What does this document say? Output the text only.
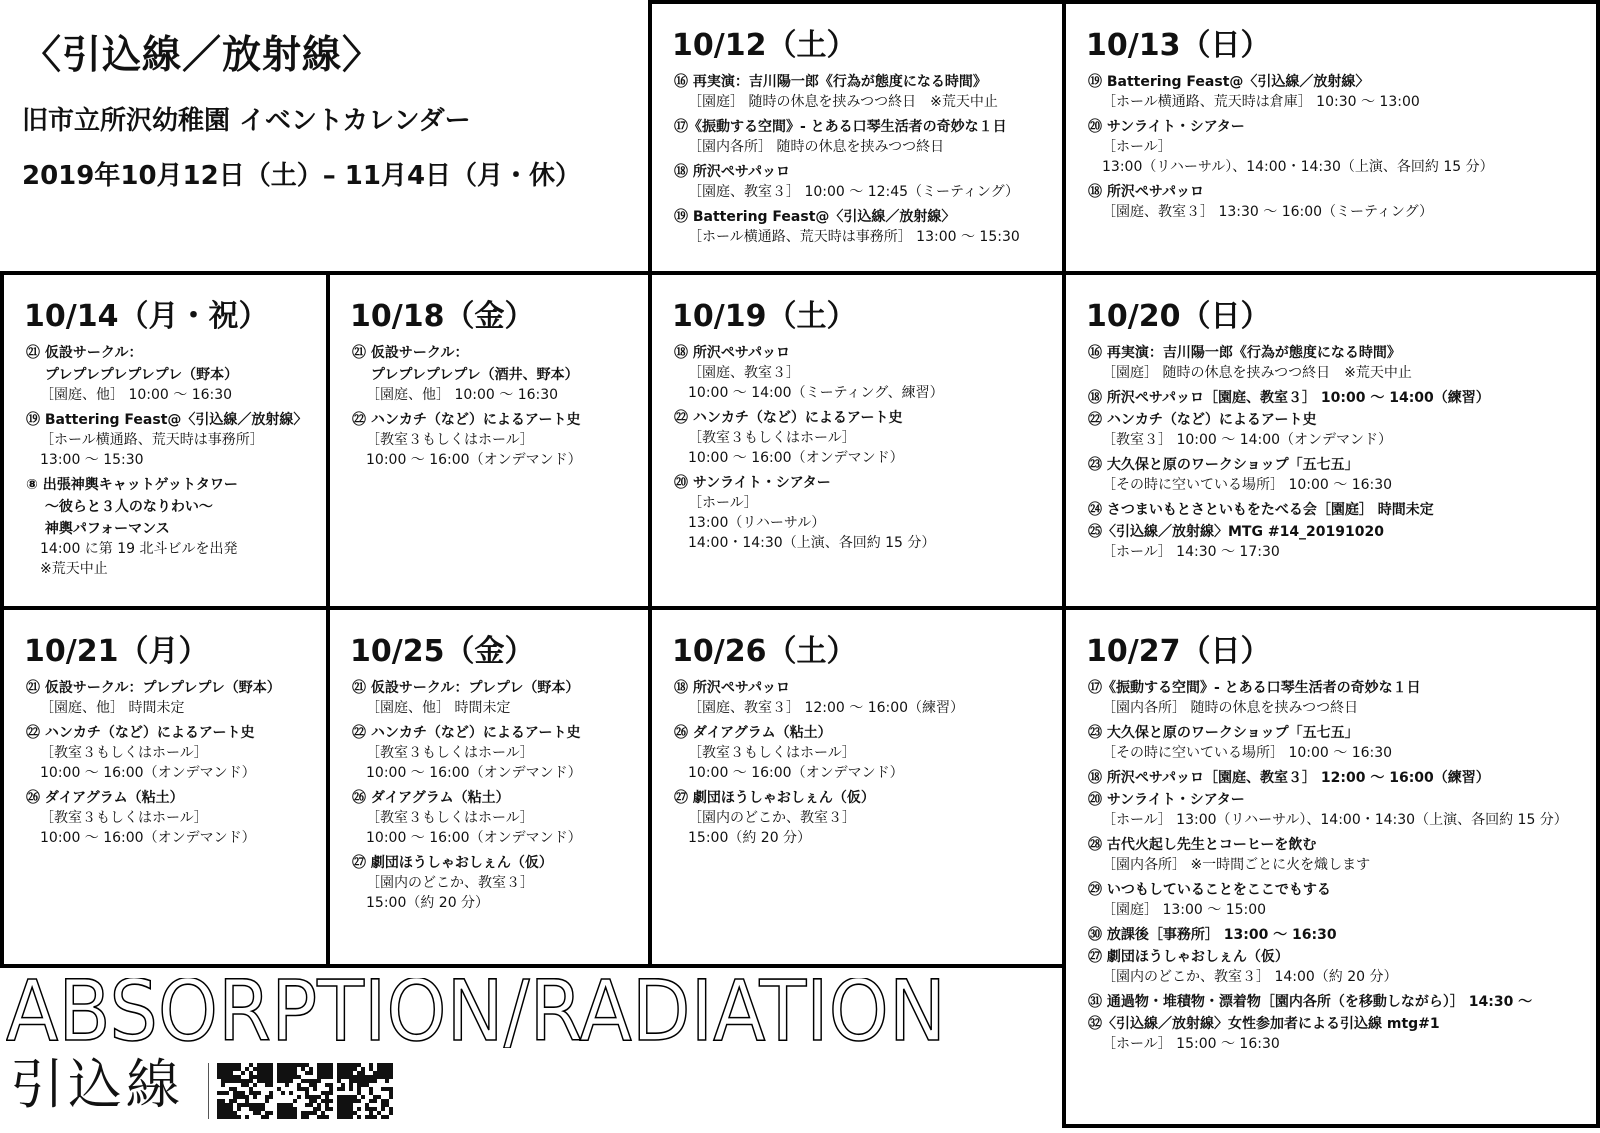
〈引込線／放射線〉
旧市立所沢幼稚園 イベントカレンダー
2019年10月12日（土）– 11月4日（月・休）
10/12（土）
⑯ 再実演：吉川陽一郎《行為が態度になる時間》
［園庭］ 随時の休息を挟みつつ終日　※荒天中止
⑰《振動する空間》- とある口琴生活者の奇妙な１日
［園内各所］ 随時の休息を挟みつつ終日
⑱ 所沢ペサパッロ
［園庭、教室３］ 10:00 〜 12:45（ミーティング）
⑲ Battering Feast@〈引込線／放射線〉
［ホール横通路、荒天時は事務所］ 13:00 〜 15:30
10/13（日）
⑲ Battering Feast@〈引込線／放射線〉
［ホール横通路、荒天時は倉庫］ 10:30 〜 13:00
⑳ サンライト・シアター
［ホール］
13:00（リハーサル）、14:00・14:30（上演、各回約 15 分）
⑱ 所沢ペサパッロ
［園庭、教室３］ 13:30 〜 16:00（ミーティング）
10/14（月・祝）
㉑ 仮設サークル：
　 プレプレプレプレプレ（野本）
［園庭、他］ 10:00 〜 16:30
⑲ Battering Feast@〈引込線／放射線〉
［ホール横通路、荒天時は事務所］
13:00 〜 15:30
⑧ 出張神輿キャットゲットタワー
　 〜彼らと３人のなりわい〜
　 神輿パフォーマンス
14:00 に第 19 北斗ビルを出発
※荒天中止
10/18（金）
㉑ 仮設サークル：
　 プレプレプレプレ（酒井、野本）
［園庭、他］ 10:00 〜 16:30
㉒ ハンカチ（など）によるアート史
［教室３もしくはホール］
10:00 〜 16:00（オンデマンド）
10/19（土）
⑱ 所沢ペサパッロ
［園庭、教室３］
10:00 〜 14:00（ミーティング、練習）
㉒ ハンカチ（など）によるアート史
［教室３もしくはホール］
10:00 〜 16:00（オンデマンド）
⑳ サンライト・シアター
［ホール］
13:00（リハーサル）
14:00・14:30（上演、各回約 15 分）
10/20（日）
⑯ 再実演：吉川陽一郎《行為が態度になる時間》
［園庭］ 随時の休息を挟みつつ終日　※荒天中止
⑱ 所沢ペサパッロ［園庭、教室３］ 10:00 〜 14:00（練習）
㉒ ハンカチ（など）によるアート史
［教室３］ 10:00 〜 14:00（オンデマンド）
㉓ 大久保と原のワークショップ「五七五」
［その時に空いている場所］ 10:00 〜 16:30
㉔ さつまいもとさといもをたべる会［園庭］ 時間未定
㉕〈引込線／放射線〉MTG #14_20191020
［ホール］ 14:30 〜 17:30
10/21（月）
㉑ 仮設サークル：プレプレプレ（野本）
［園庭、他］ 時間未定
㉒ ハンカチ（など）によるアート史
［教室３もしくはホール］
10:00 〜 16:00（オンデマンド）
㉖ ダイアグラム（粘土）
［教室３もしくはホール］
10:00 〜 16:00（オンデマンド）
10/25（金）
㉑ 仮設サークル：プレプレ（野本）
［園庭、他］ 時間未定
㉒ ハンカチ（など）によるアート史
［教室３もしくはホール］
10:00 〜 16:00（オンデマンド）
㉖ ダイアグラム（粘土）
［教室３もしくはホール］
10:00 〜 16:00（オンデマンド）
㉗ 劇団ほうしゃおしぇん（仮）
［園内のどこか、教室３］
15:00（約 20 分）
10/26（土）
⑱ 所沢ペサパッロ
［園庭、教室３］ 12:00 〜 16:00（練習）
㉖ ダイアグラム（粘土）
［教室３もしくはホール］
10:00 〜 16:00（オンデマンド）
㉗ 劇団ほうしゃおしぇん（仮）
［園内のどこか、教室３］
15:00（約 20 分）
10/27（日）
⑰《振動する空間》- とある口琴生活者の奇妙な１日
［園内各所］ 随時の休息を挟みつつ終日
㉓ 大久保と原のワークショップ「五七五」
［その時に空いている場所］ 10:00 〜 16:30
⑱ 所沢ペサパッロ［園庭、教室３］ 12:00 〜 16:00（練習）
⑳ サンライト・シアター
［ホール］ 13:00（リハーサル）、14:00・14:30（上演、各回約 15 分）
㉘ 古代火起し先生とコーヒーを飲む
［園内各所］ ※一時間ごとに火を熾します
㉙ いつもしていることをここでもする
［園庭］ 13:00 〜 15:00
㉚ 放課後［事務所］ 13:00 〜 16:30
㉗ 劇団ほうしゃおしぇん（仮）
［園内のどこか、教室３］ 14:00（約 20 分）
㉛ 通過物・堆積物・漂着物［園内各所（を移動しながら）］ 14:30 〜
㉜〈引込線／放射線〉女性参加者による引込線 mtg#1
［ホール］ 15:00 〜 16:30
ABSORPTION/RADIATION
引込線
